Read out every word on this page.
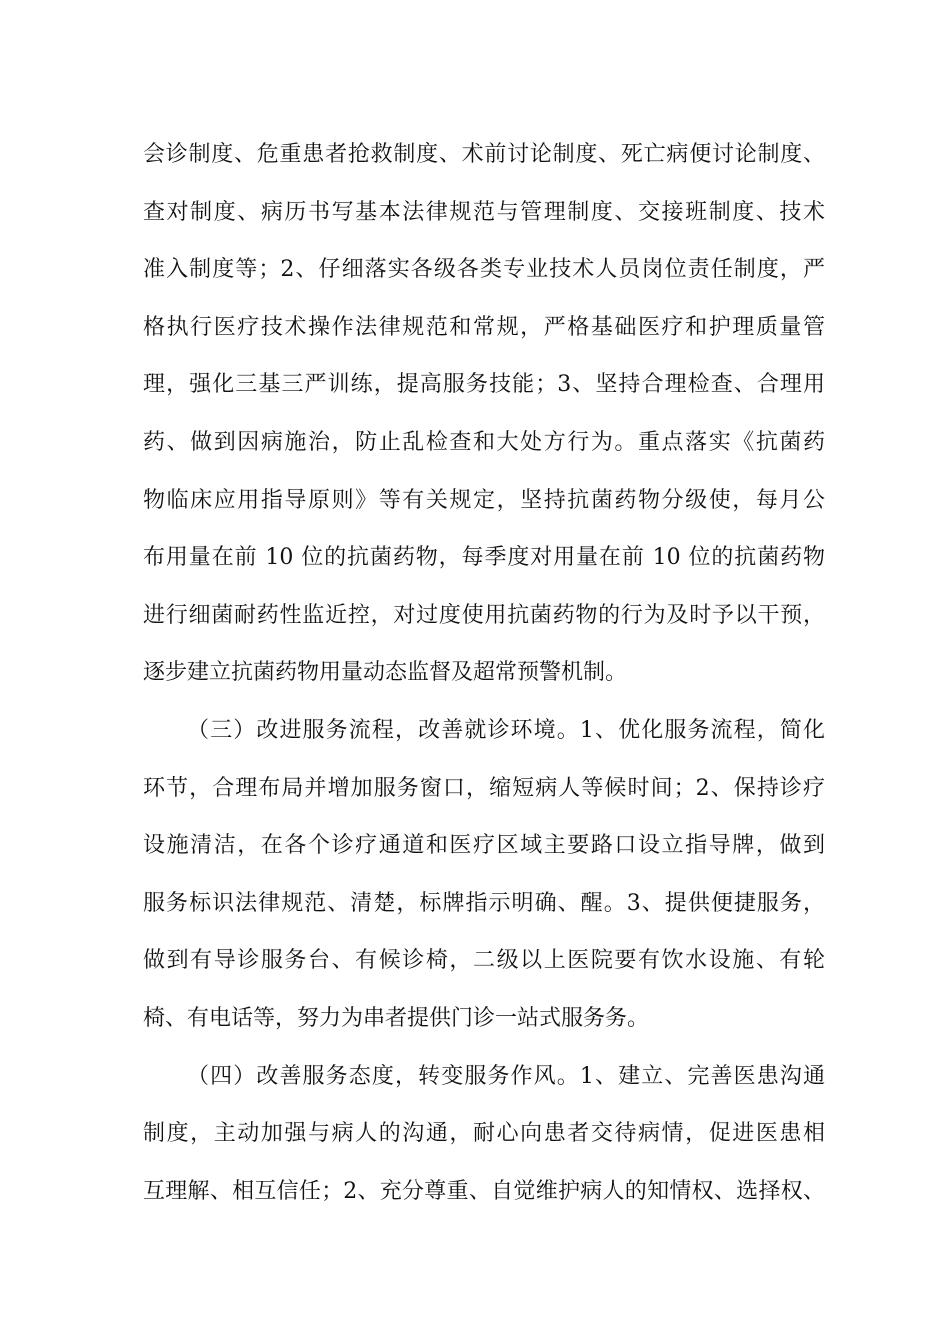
会诊制度、危重患者抢救制度、术前讨论制度、死亡病便讨论制度、
查对制度、病历书写基本法律规范与管理制度、交接班制度、技术
准入制度等；2、仔细落实各级各类专业技术人员岗位责任制度，严
格执行医疗技术操作法律规范和常规，严格基础医疗和护理质量管
理，强化三基三严训练，提高服务技能；3、坚持合理检查、合理用
药、做到因病施治，防止乱检查和大处方行为。重点落实《抗菌药
物临床应用指导原则》等有关规定，坚持抗菌药物分级使，每月公
布用量在前 10 位的抗菌药物，每季度对用量在前 10 位的抗菌药物
进行细菌耐药性监近控，对过度使用抗菌药物的行为及时予以干预，
逐步建立抗菌药物用量动态监督及超常预警机制。
（三）改进服务流程，改善就诊环境。1、优化服务流程，简化
环节，合理布局并增加服务窗口，缩短病人等候时间；2、保持诊疗
设施清洁，在各个诊疗通道和医疗区域主要路口设立指导牌，做到
服务标识法律规范、清楚，标牌指示明确、醒。3、提供便捷服务，
做到有导诊服务台、有候诊椅，二级以上医院要有饮水设施、有轮
椅、有电话等，努力为串者提供门诊一站式服务务。
（四）改善服务态度，转变服务作风。1、建立、完善医患沟通
制度，主动加强与病人的沟通，耐心向患者交待病情，促进医患相
互理解、相互信任；2、充分尊重、自觉维护病人的知情权、选择权、
